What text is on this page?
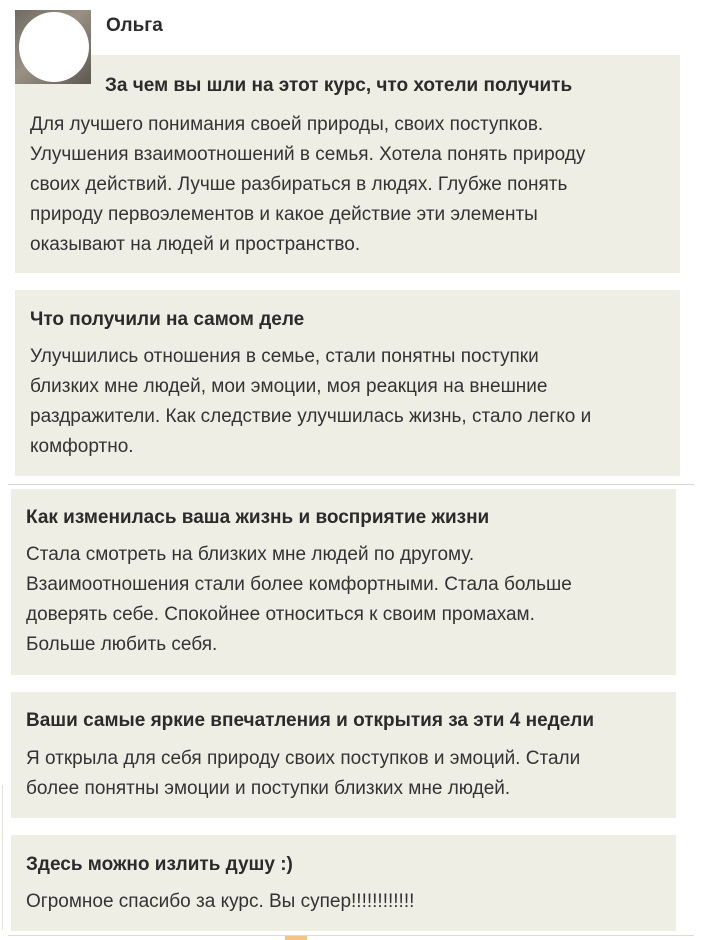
За чем вы шли на этот курс, что хотели получить
Для лучшего понимания своей природы, своих поступков.
Улучшения взаимоотношений в семья. Хотела понять природу
своих действий. Лучше разбираться в людях. Глубже понять
природу первоэлементов и какое действие эти элементы
оказывают на людей и пространство.
Ольга
Что получили на самом деле
Улучшились отношения в семье, стали понятны поступки
близких мне людей, мои эмоции, моя реакция на внешние
раздражители. Как следствие улучшилась жизнь, стало легко и
комфортно.
Как изменилась ваша жизнь и восприятие жизни
Стала смотреть на близких мне людей по другому.
Взаимоотношения стали более комфортными. Стала больше
доверять себе. Спокойнее относиться к своим промахам.
Больше любить себя.
Ваши самые яркие впечатления и открытия за эти 4 недели
Я открыла для себя природу своих поступков и эмоций. Стали
более понятны эмоции и поступки близких мне людей.
Здесь можно излить душу :)
Огромное спасибо за курс. Вы супер!!!!!!!!!!!!
